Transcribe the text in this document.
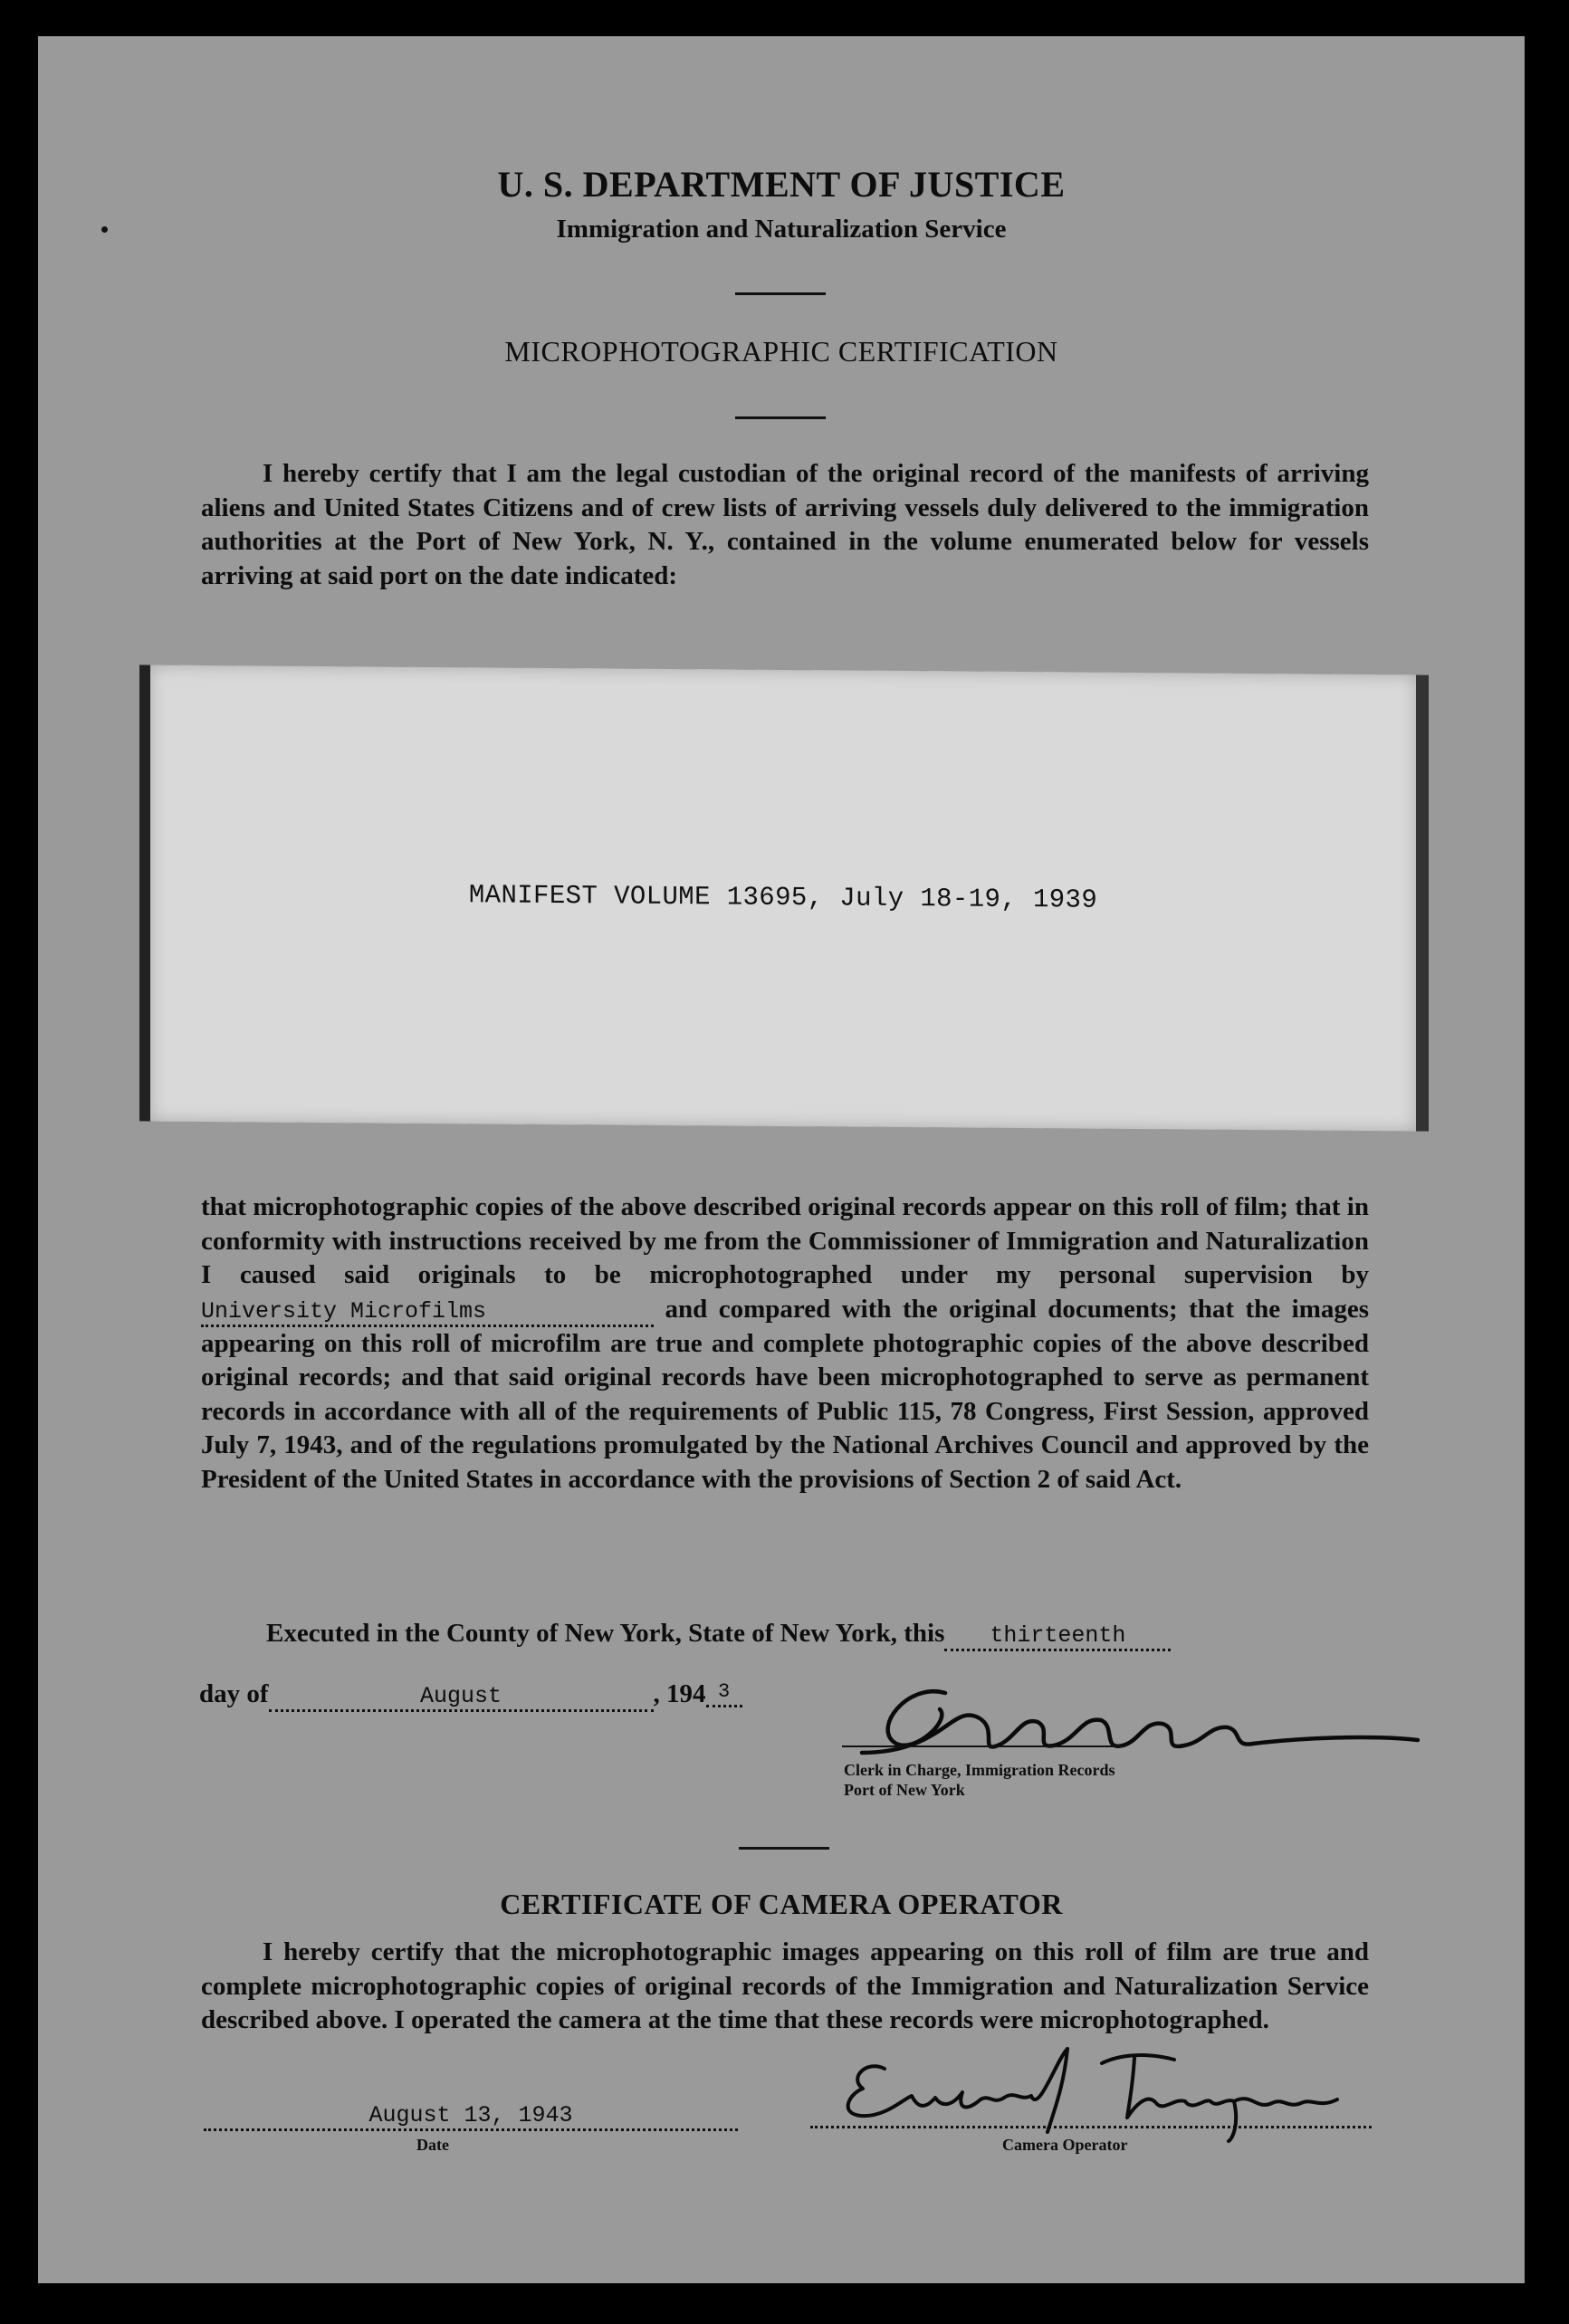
U. S. DEPARTMENT OF JUSTICE
Immigration and Naturalization Service
MICROPHOTOGRAPHIC CERTIFICATION

I hereby certify that I am the legal custodian of the original record of the manifests of arriving aliens and United States Citizens and of crew lists of arriving vessels duly delivered to the immigration authorities at the Port of New York, N. Y., contained in the volume enumerated below for vessels arriving at said port on the date indicated:

MANIFEST VOLUME 13695, July 18-19, 1939

that microphotographic copies of the above described original records appear on this roll of film; that in conformity with instructions received by me from the Commissioner of Immigration and Naturalization I caused said originals to be microphotographed under my personal supervision by University Microfilms	and compared with the original documents; that the images appearing on this roll of microfilm are true and complete photographic copies of the above described original records; and that said original records have been microphotographed to serve as permanent records in accordance with all of the requirements of Public 115, 78 Congress, First Session, approved July 7, 1943, and of the regulations promulgated by the National Archives Council and approved by the President of the United States in accordance with the provisions of Section 2 of said Act.

Executed in the County of New York, State of New York, this thirteenth
day of	August	, 194 3
Clerk in Charge, Immigration Records
Port of New York
CERTIFICATE OF CAMERA OPERATOR

I hereby certify that the microphotographic images appearing on this roll of film are true and complete microphotographic copies of original records of the Immigration and Naturalization Service described above. I operated the camera at the time that these records were microphotographed.

August 13, 1943
Date
	Camera Operator
